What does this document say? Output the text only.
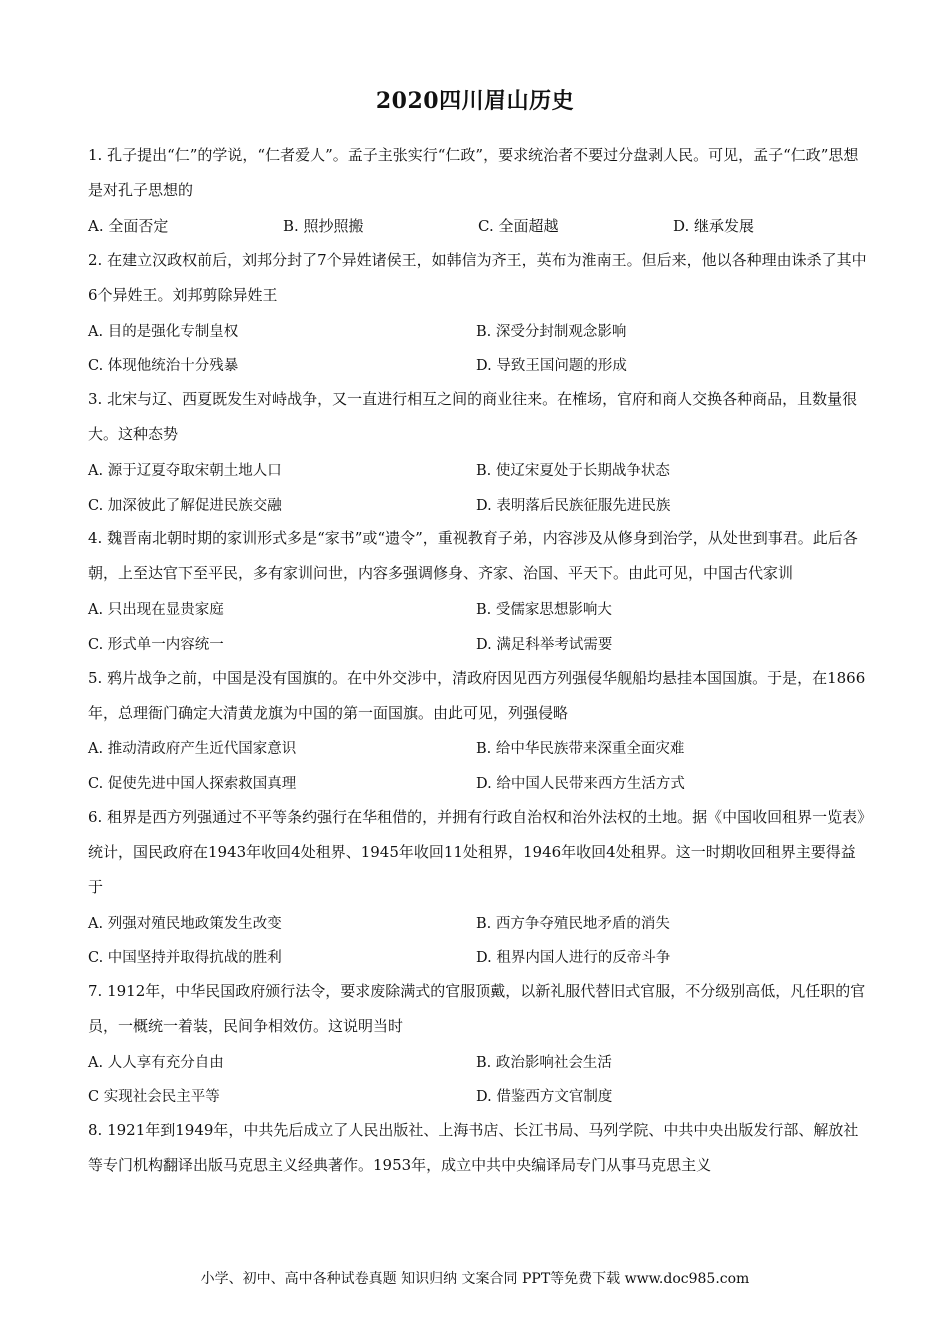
2020四川眉山历史

1. 孔子提出“仁”的学说，“仁者爱人”。孟子主张实行“仁政”，要求统治者不要过分盘剥人民。可见，孟子“仁政”思想是对孔子思想的

A. 全面否定	B. 照抄照搬	C. 全面超越	D. 继承发展

2. 在建立汉政权前后，刘邦分封了7个异姓诸侯王，如韩信为齐王，英布为淮南王。但后来，他以各种理由诛杀了其中6个异姓王。刘邦剪除异姓王

A. 目的是强化专制皇权	B. 深受分封制观念影响
C. 体现他统治十分残暴	D. 导致王国问题的形成

3. 北宋与辽、西夏既发生对峙战争，又一直进行相互之间的商业往来。在榷场，官府和商人交换各种商品，且数量很大。这种态势

A. 源于辽夏夺取宋朝土地人口	B. 使辽宋夏处于长期战争状态
C. 加深彼此了解促进民族交融	D. 表明落后民族征服先进民族

4. 魏晋南北朝时期的家训形式多是“家书”或“遗令”，重视教育子弟，内容涉及从修身到治学，从处世到事君。此后各朝，上至达官下至平民，多有家训问世，内容多强调修身、齐家、治国、平天下。由此可见，中国古代家训

A. 只出现在显贵家庭	B. 受儒家思想影响大
C. 形式单一内容统一	D. 满足科举考试需要

5. 鸦片战争之前，中国是没有国旗的。在中外交涉中，清政府因见西方列强侵华舰船均悬挂本国国旗。于是，在1866年，总理衙门确定大清黄龙旗为中国的第一面国旗。由此可见，列强侵略

A. 推动清政府产生近代国家意识	B. 给中华民族带来深重全面灾难
C. 促使先进中国人探索救国真理	D. 给中国人民带来西方生活方式

6. 租界是西方列强通过不平等条约强行在华租借的，并拥有行政自治权和治外法权的土地。据《中国收回租界一览表》统计，国民政府在1943年收回4处租界、1945年收回11处租界，1946年收回4处租界。这一时期收回租界主要得益于

A. 列强对殖民地政策发生改变	B. 西方争夺殖民地矛盾的消失
C. 中国坚持并取得抗战的胜利	D. 租界内国人进行的反帝斗争

7. 1912年，中华民国政府颁行法令，要求废除满式的官服顶戴，以新礼服代替旧式官服，不分级别高低，凡任职的官员，一概统一着装，民间争相效仿。这说明当时

A. 人人享有充分自由	B. 政治影响社会生活
C 实现社会民主平等	D. 借鉴西方文官制度

8. 1921年到1949年，中共先后成立了人民出版社、上海书店、长江书局、马列学院、中共中央出版发行部、解放社等专门机构翻译出版马克思主义经典著作。1953年，成立中共中央编译局专门从事马克思主义

小学、初中、高中各种试卷真题 知识归纳 文案合同 PPT等免费下载 www.doc985.com
